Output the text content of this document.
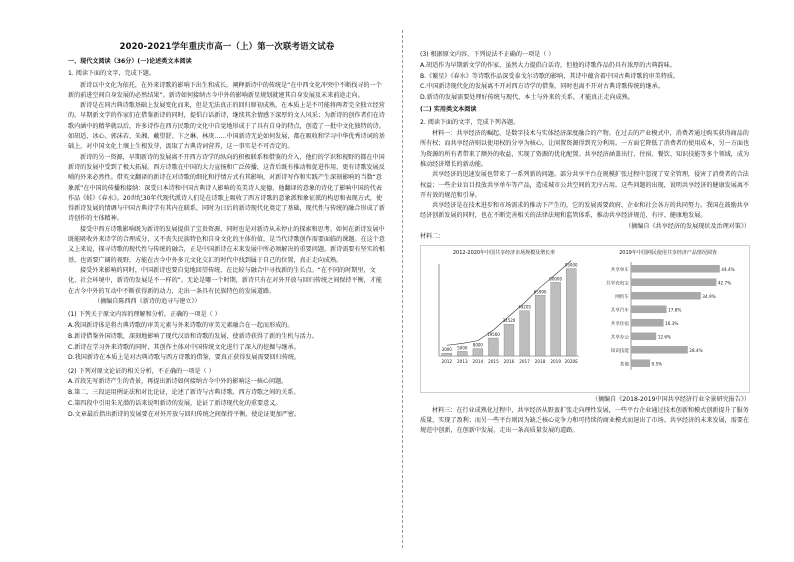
2020-2021学年重庆市高一（上）第一次联考语文试卷
一、现代文阅读（36分）(一)论述类文本阅读
1. 阅读下面的文字，完成下题。

新诗以中文化为依托，在外来诗歌的影响下出生和成长。阐释新诗中的传统是“在中西文化冲突中不断找寻的一个新的前进空间自身发展的必然结果”。新诗如何接纳古今中外的影响新星规划就建其自身发展及未来前途走向。

新诗是在同古典诗歌基础上发展变化而来，但是无法真正的回归原初成熟，在本质上是不可能将两者完全独立经营的。早期新文学的作家们在借鉴新诗的同时，提倡白话新诗，继续其余情感下深厚的文人风采；为新诗的创作者们在诗歌内涵中的精华就以后，许多诗作在西方民歌的文化中自觉地形成于了具有自身的特点，创造了一批中文化独特的诗。如胡适、冰心、郭沫若、朱湘、戴望舒、卞之琳、林庚……中国新诗无论如何发展，都在吸收和学习中华优秀诗词的基础上，对中国文化土壤上生根发芽，汲取了古典诗词营养，这一事实是不可否定的。

新诗的另一资源，早期新诗的发展离不开西方诗学的纵向的积极联系和借鉴的介入，他们的学识和视野的都在中国新诗的发展中受到了极大拓展。西方诗歌在中国的大力宣扬和广泛传播，这背后既有推动和促进作用，更有诗歌发展反哺的外来必然性。借英文翻译的新诗在对诗歌的细化和抒情方式有其影响，对新诗写作和实践产生深刻影响的当数“意象派”在中国的传播和接纳：深受日本诗和中国古典诗人影响的英美诗人庞德，他翻译的意象的诗化了影响中国的代表作品《蛙》《春水》。20世纪30年代现代派诗人们是在诗歌上吸收了西方诗歌的意象派和象征派的构思和表现方式，使得新诗发展的情调与中国古典诗学有其内在联系，同时为日后的新诗现代化奠定了基础，现代性与传统的融合形成了新诗创作的主体精神。

接受中西方诗歌影响既为新诗的发展提供了宝贵资源，同时也是对新诗从未停止的探索和思考。如何在新诗发展中既能吸收外来诗学的合理成分，又不丧失民族特色和自身文化的主体价值，是当代诗歌创作需要面临的课题。在这个意义上来说，探寻诗歌的现代性与传统的融合，正是中国新诗在未来发展中所必须解决的重要问题。新诗需要有坚实的根基，也需要广阔的视野，方能在古今中外多元文化交汇的时代中找到属于自己的位置，真正走向成熟。

接受外来影响的同时，中国新诗也要自觉地回望传统，在比较与融合中寻找新的生长点。“在不同的时期里，文化、社会环境中，新诗的发展是不一样的”。无论是哪一个时期，新诗只有在对外开放与回归传统之间保持平衡，才能在古今中外的互动中不断获得新的动力，走出一条具有民族特色的发展道路。

（摘编自陈西西《新诗的追寻与建立》）

(1) 下列关于原文内容的理解和分析，正确的一项是（ ）

A.我国新诗体是将古典诗歌的审美元素与外来诗歌的审美元素融合在一起而形成的。

B.新诗借鉴外国诗歌，深刻地影响了现代汉语和诗歌的发展，使新诗获得了新的生机与活力。

C.新诗在学习外来诗歌的同时，其创作主体对中国传统文化进行了深入的挖掘与继承。

D.我国新诗在本质上是对古典诗歌与西方诗歌的借鉴，要真正获得发展需要回归传统。

(2) 下列对原文论证的相关分析，不正确的一项是（ ）

A.首段先写新诗产生的背景，再提出新诗如何接纳古今中外的影响这一核心问题。

B.第二、三段运用例证法和对比论证，论述了新诗与古典诗歌、西方诗歌之间的关系。

C.第四段中引用朱光潜的话来说明新诗的发展，论证了新诗现代化的重要意义。

D.文章最后指出新诗的发展要在对外开放与回归传统之间保持平衡，使论证更加严密。

(3) 根据原文内容，下列说法不正确的一项是（ ）

A.胡适作为早期新文学的作家，虽然大力提倡白话诗，但他的诗歌作品仍具有浓厚的古典韵味。

B.《繁星》《春水》等诗歌作品深受泰戈尔诗歌的影响，其诗中蕴含着中国古典诗歌的审美特质。

C.中国新诗现代化的发展离不开对西方诗学的借鉴，同时也离不开对古典诗歌传统的继承。

D.新诗的发展需要处理好传统与现代、本土与外来的关系，才能真正走向成熟。

(二) 实用类文本阅读
2. 阅读下面的文字，完成下列各题。

材料一：共享经济的崛起，是数字技术与实体经济深度融合的产物。在过去的产业模式中，消费者通过购买获得商品的所有权；而共享经济则以使用权的分享为核心，让闲置资源得到充分利用。一方面它降低了消费者的使用成本，另一方面也为资源的所有者带来了额外的收益，实现了资源的优化配置。共享经济涵盖出行、住宿、餐饮、知识技能等多个领域，成为推动经济增长的新动能。

共享经济的迅速发展也带来了一系列新的问题。部分共享平台在规模扩张过程中忽视了安全管理，侵害了消费者的合法权益；一些企业盲目投放共享单车等产品，造成城市公共空间的无序占用。这些问题的出现，说明共享经济的健康发展离不开有效的规范和引导。

共享经济是在技术进步和市场需求的推动下产生的，它的发展需要政府、企业和社会各方的共同努力。我国在鼓励共享经济创新发展的同时，也在不断完善相关的法律法规和监管体系，推动共享经济规范、有序、健康地发展。

（摘编自《共享经济的发展现状及治理对策》）

材料二：

2012-2020年中国共享经济市场规模及增长率
3000
2012
5000
2013
8000
2014
19560
2015
34520
2016
49205
2017
65990
2018
80000
2019
95000
2020E
2019年中国网民使用共享经济产品情况调查
共享单车	44.4%
共享充电宝	42.7%
网约车	34.9%
共享汽车	17.8%
共享住宿	16.3%
共享办公	12.6%
知识技能	28.4%
其他	9.5%

（摘编自《2018-2019中国共享经济行业全景研究报告》）

材料三：在行业成熟化过程中，共享经济从野蛮扩张走向理性发展，一些平台企业通过技术创新和模式创新提升了服务质量，实现了盈利；而另一些平台则因为缺乏核心竞争力和可持续的商业模式而退出了市场。共享经济的未来发展，需要在规范中创新，在创新中发展，走出一条高质量发展的道路。
